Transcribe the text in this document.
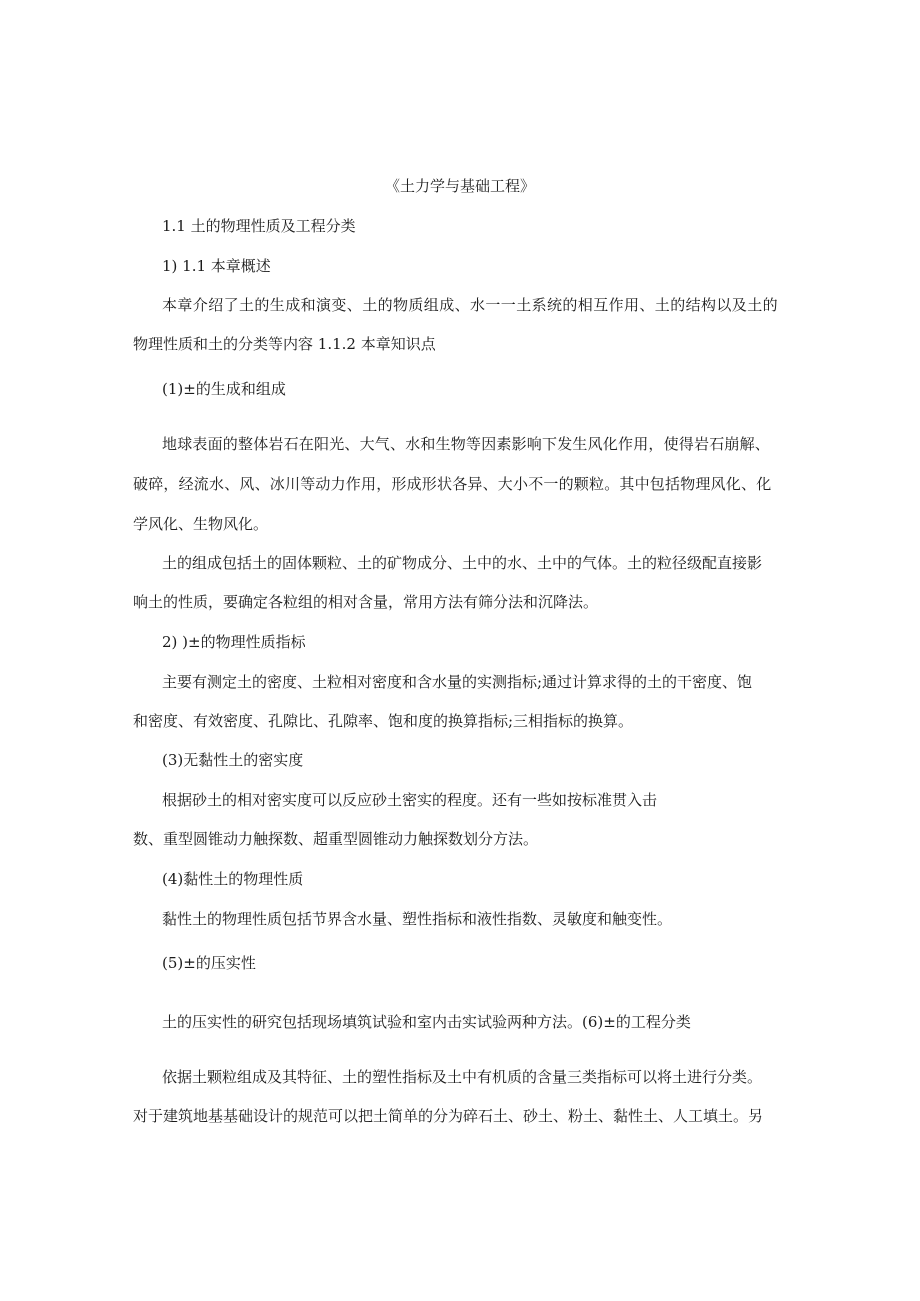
《土力学与基础工程》
1.1 土的物理性质及工程分类
1) 1.1 本章概述
本章介绍了土的生成和演变、土的物质组成、水一一土系统的相互作用、土的结构以及土的
物理性质和土的分类等内容 1.1.2 本章知识点
(1)±的生成和组成
地球表面的整体岩石在阳光、大气、水和生物等因素影响下发生风化作用，使得岩石崩解、
破碎，经流水、风、冰川等动力作用，形成形状各异、大小不一的颗粒。其中包括物理风化、化
学风化、生物风化。
土的组成包括土的固体颗粒、土的矿物成分、土中的水、土中的气体。土的粒径级配直接影
响土的性质，要确定各粒组的相对含量，常用方法有筛分法和沉降法。
2) )±的物理性质指标
主要有测定土的密度、土粒相对密度和含水量的实测指标;通过计算求得的土的干密度、饱
和密度、有效密度、孔隙比、孔隙率、饱和度的换算指标;三相指标的换算。
(3)无黏性土的密实度
根据砂土的相对密实度可以反应砂土密实的程度。还有一些如按标准贯入击
数、重型圆锥动力触探数、超重型圆锥动力触探数划分方法。
(4)黏性土的物理性质
黏性土的物理性质包括节界含水量、塑性指标和液性指数、灵敏度和触变性。
(5)±的压实性
土的压实性的研究包括现场填筑试验和室内击实试验两种方法。(6)±的工程分类
依据土颗粒组成及其特征、土的塑性指标及土中有机质的含量三类指标可以将土进行分类。
对于建筑地基基础设计的规范可以把土简单的分为碎石土、砂土、粉土、黏性土、人工填土。另
